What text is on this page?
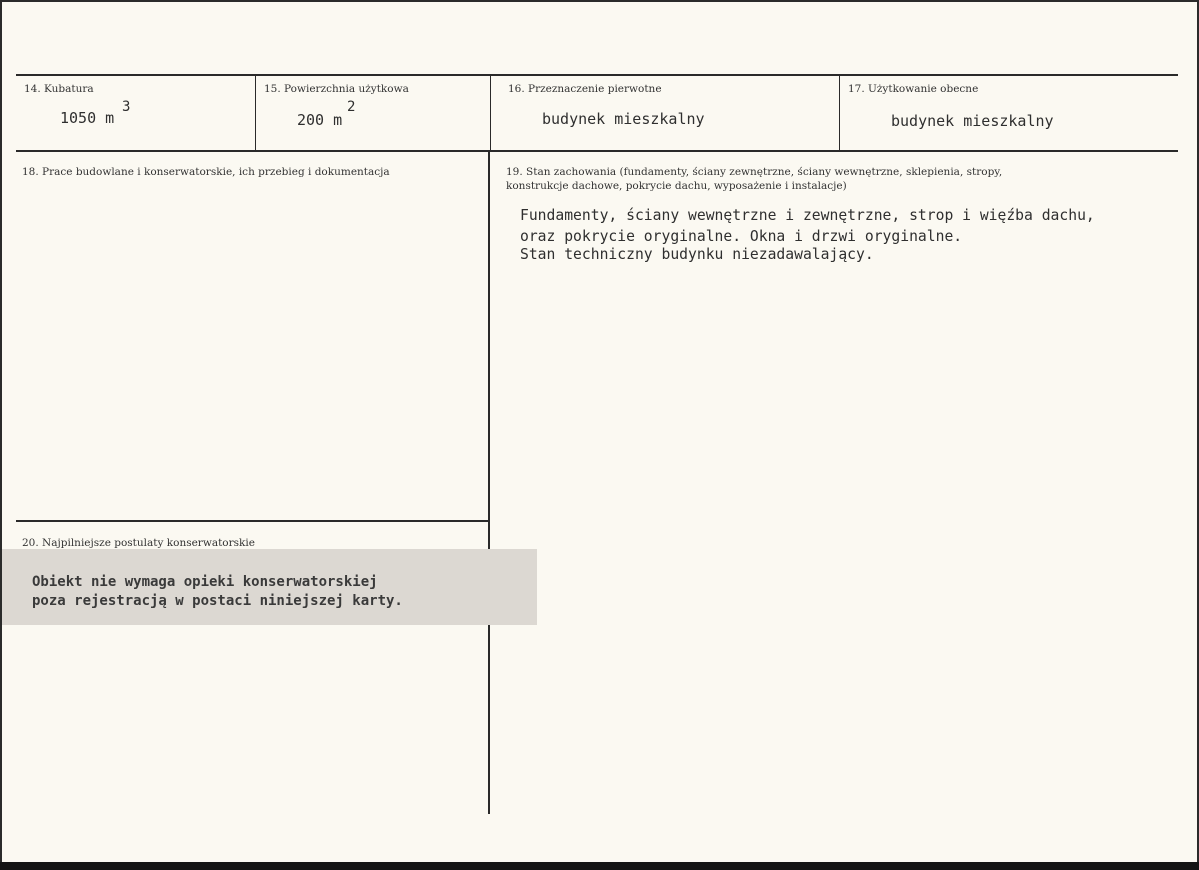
14. Kubatura
1050 m
3
15. Powierzchnia użytkowa
200 m
2
16. Przeznaczenie pierwotne
budynek mieszkalny
17. Użytkowanie obecne
budynek mieszkalny
18. Prace budowlane i konserwatorskie, ich przebieg i dokumentacja	19. Stan zachowania (fundamenty, ściany zewnętrzne, ściany wewnętrzne, sklepienia, stropy,
konstrukcje dachowe, pokrycie dachu, wyposażenie i instalacje)
Fundamenty, ściany wewnętrzne i zewnętrzne, strop i więźba dachu,
oraz pokrycie oryginalne. Okna i drzwi oryginalne.
Stan techniczny budynku niezadawalający.
20. Najpilniejsze postulaty konserwatorskie
Obiekt nie wymaga opieki konserwatorskiej
poza rejestracją w postaci niniejszej karty.
